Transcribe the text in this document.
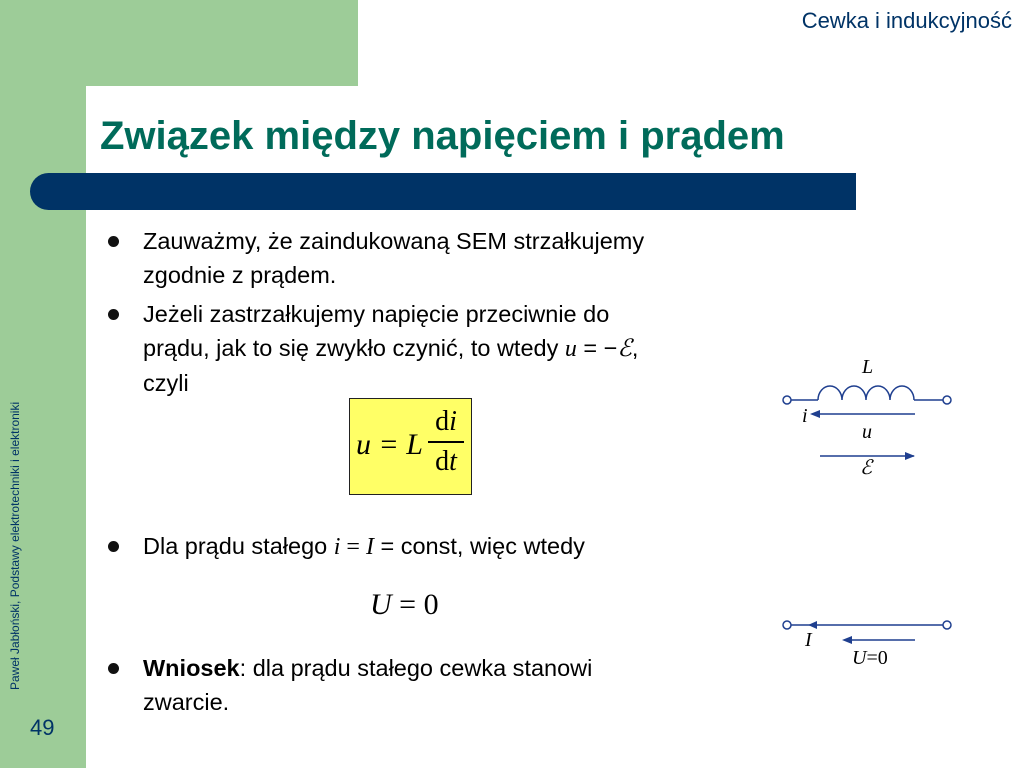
Cewka i indukcyjność
Związek między napięciem i prądem
Paweł Jabłoński, Podstawy elektrotechniki i elektroniki
49
Zauważmy, że zaindukowaną SEM strzałkujemy
zgodnie z prądem.
Jeżeli zastrzałkujemy napięcie przeciwnie do
prądu, jak to się zwykło czynić, to wtedy u = −ℰ,
czyli
u = L
di
dt
Dla prądu stałego i = I = const, więc wtedy
U = 0
Wniosek: dla prądu stałego cewka stanowi
zwarcie.
L
i
u
ℰ
I
U=0
